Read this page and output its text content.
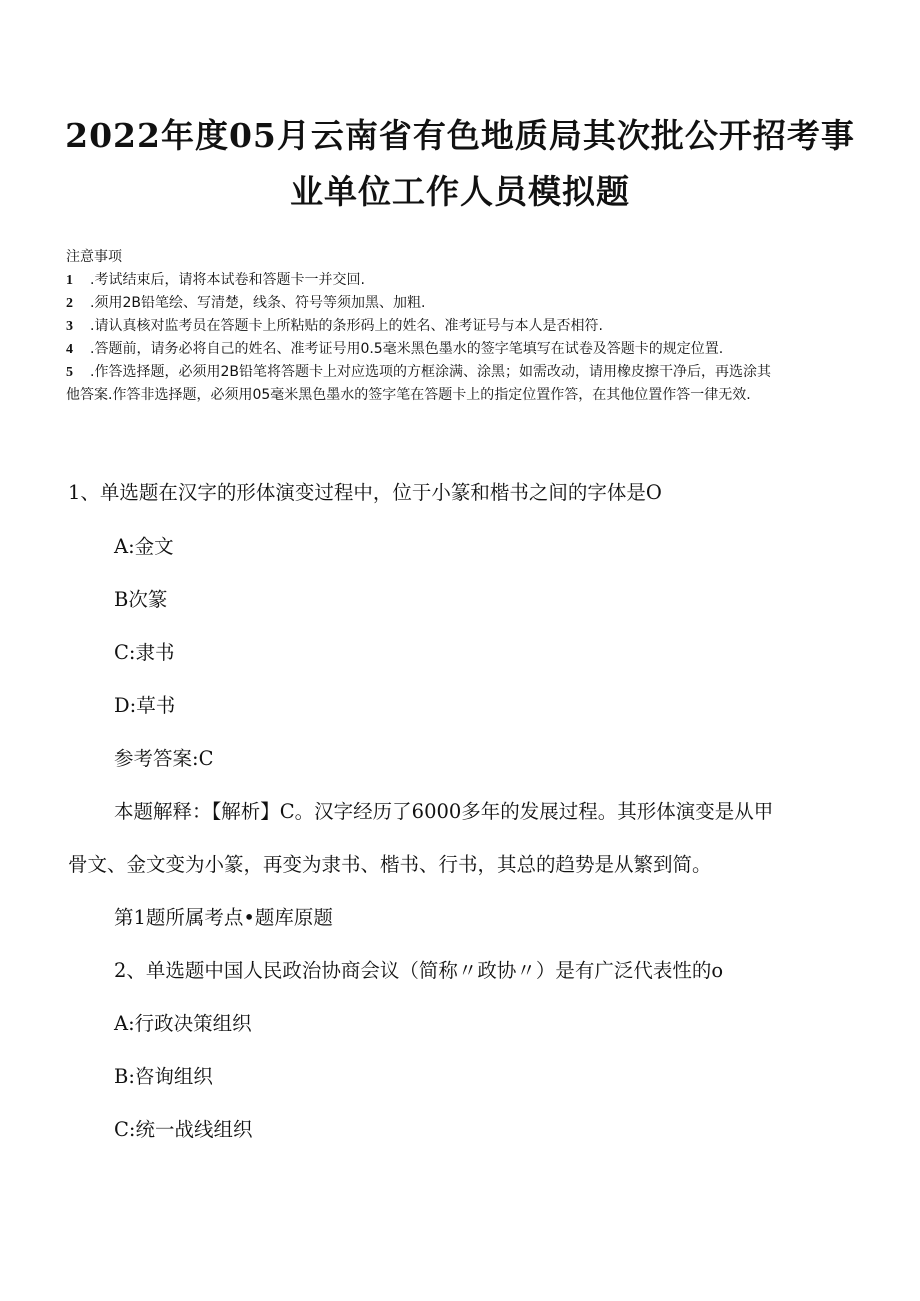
2022年度05月云南省有色地质局其次批公开招考事
业单位工作人员模拟题
注意事项
1 .考试结束后，请将本试卷和答题卡一并交回.
2 .须用2B铅笔绘、写清楚，线条、符号等须加黑、加粗.
3 .请认真核对监考员在答题卡上所粘贴的条形码上的姓名、准考证号与本人是否相符.
4 .答题前，请务必将自己的姓名、准考证号用0.5毫米黑色墨水的签字笔填写在试卷及答题卡的规定位置.
5 .作答选择题，必须用2B铅笔将答题卡上对应选项的方框涂满、涂黑；如需改动，请用橡皮擦干净后，再选涂其
他答案.作答非选择题，必须用05毫米黑色墨水的签字笔在答题卡上的指定位置作答，在其他位置作答一律无效.
1、单选题在汉字的形体演变过程中，位于小篆和楷书之间的字体是O
A:金文
B次篆
C:隶书
D:草书
参考答案:C
本题解释：【解析】C。汉字经历了6000多年的发展过程。其形体演变是从甲
骨文、金文变为小篆，再变为隶书、楷书、行书，其总的趋势是从繁到简。
第1题所属考点•题库原题
2、单选题中国人民政治协商会议（简称〃政协〃）是有广泛代表性的o
A:行政决策组织
B:咨询组织
C:统一战线组织
